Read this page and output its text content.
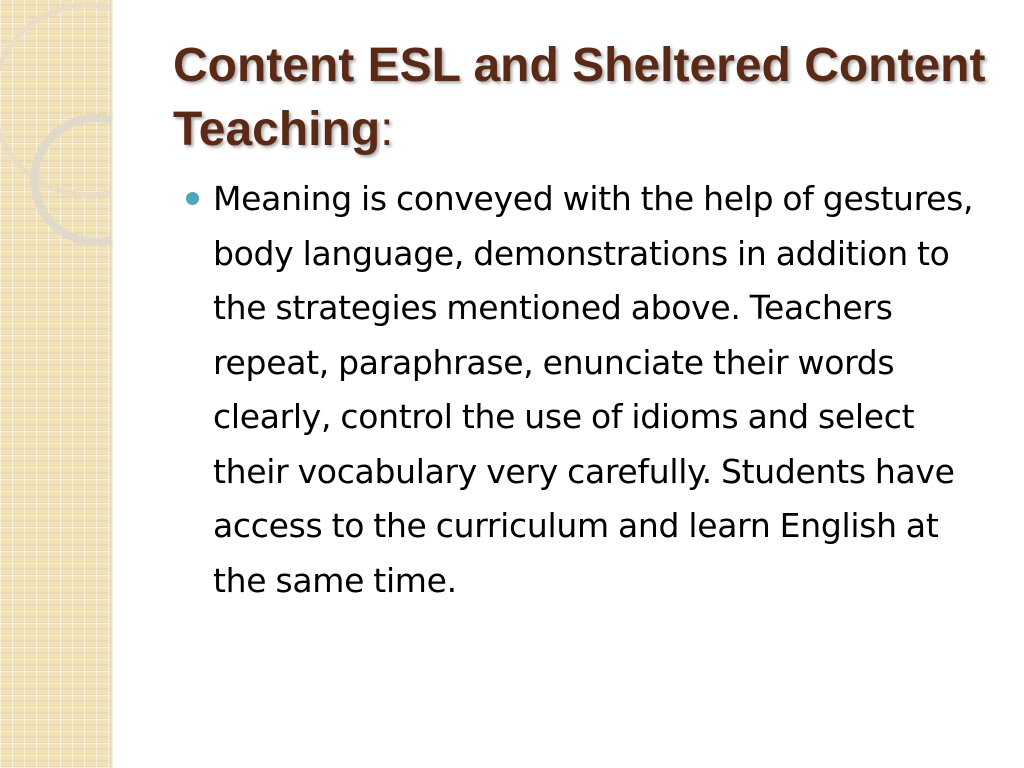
Content ESL and Sheltered Content Teaching:
Meaning is conveyed with the help of gestures, body language, demonstrations in addition to the strategies mentioned above. Teachers repeat, paraphrase, enunciate their words clearly, control the use of idioms and select their vocabulary very carefully. Students have access to the curriculum and learn English at the same time.
